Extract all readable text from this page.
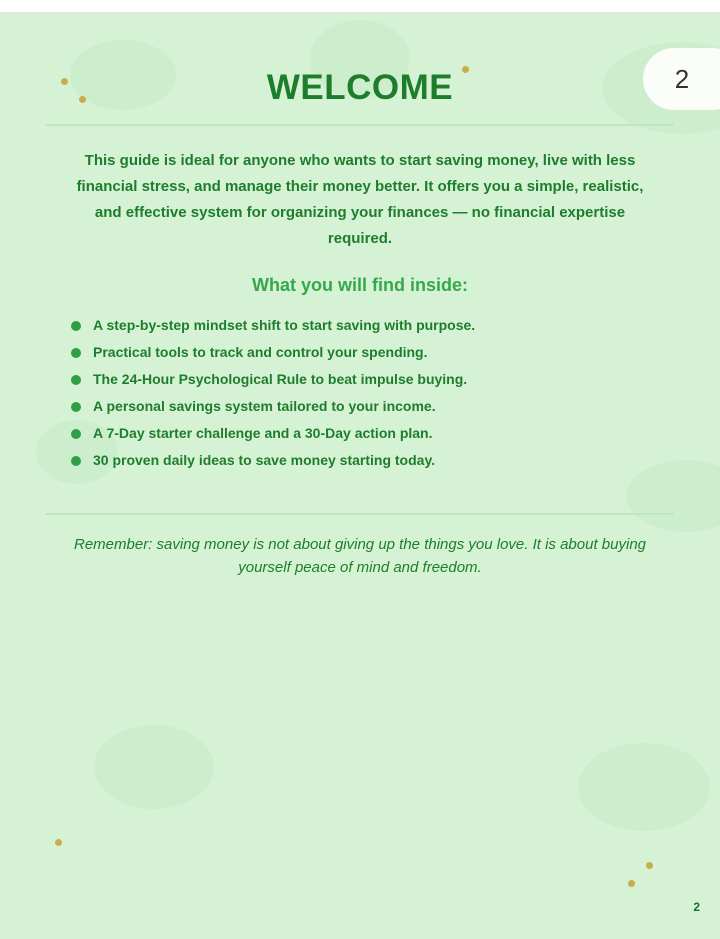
2
WELCOME
This guide is ideal for anyone who wants to start saving money, live with less financial stress, and manage their money better. It offers you a simple, realistic, and effective system for organizing your finances — no financial expertise required.
What you will find inside:
A step-by-step mindset shift to start saving with purpose.
Practical tools to track and control your spending.
The 24-Hour Psychological Rule to beat impulse buying.
A personal savings system tailored to your income.
A 7-Day starter challenge and a 30-Day action plan.
30 proven daily ideas to save money starting today.
Remember: saving money is not about giving up the things you love. It is about buying yourself peace of mind and freedom.
2
